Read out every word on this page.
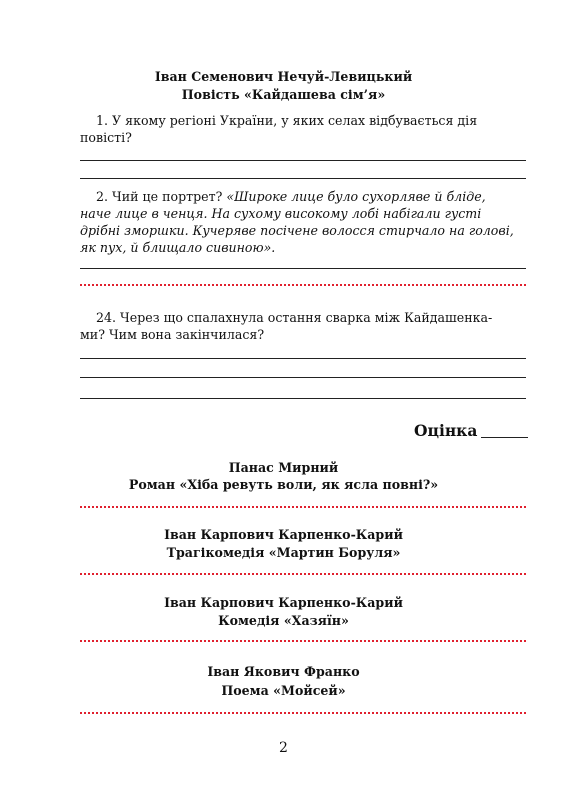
Іван Семенович Нечуй-Левицький
Повість «Кайдашева сім’я»
1. У якому регіоні України, у яких селах відбувається дія
повісті?
2. Чий це портрет? «Широке лице було сухорляве й бліде,
наче лице в ченця. На сухому високому лобі набігали густі
дрібні зморшки. Кучерявe посічене волосся стирчало на голові,
як пух, й блищало сивиною».
24. Через що спалахнула остання сварка між Кайдашенка-
ми? Чим вона закінчилася?
Оцінка
Панас Мирний
Роман «Хіба ревуть воли, як ясла повні?»
Іван Карпович Карпенко-Карий
Трагікомедія «Мартин Боруля»
Іван Карпович Карпенко-Карий
Комедія «Хазяїн»
Іван Якович Франко
Поема «Мойсей»
2
